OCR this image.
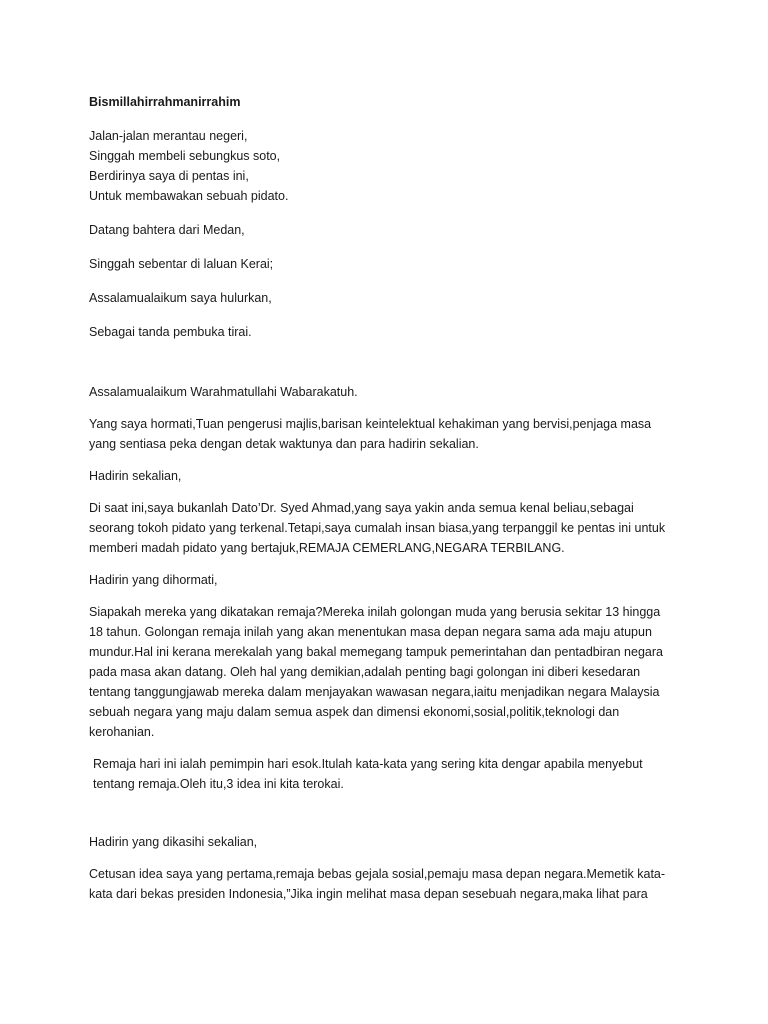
Bismillahirrahmanirrahim

Jalan-jalan merantau negeri,

Singgah membeli sebungkus soto,

Berdirinya saya di pentas ini,

Untuk membawakan sebuah pidato.

Datang bahtera dari Medan,

Singgah sebentar di laluan Kerai;

Assalamualaikum saya hulurkan,

Sebagai tanda pembuka tirai.

Assalamualaikum Warahmatullahi Wabarakatuh.

Yang saya hormati,Tuan pengerusi majlis,barisan keintelektual kehakiman yang bervisi,penjaga masa yang sentiasa peka dengan detak waktunya dan para hadirin sekalian.

Hadirin sekalian,

Di saat ini,saya bukanlah Dato’Dr. Syed Ahmad,yang saya yakin anda semua kenal beliau,sebagai seorang tokoh pidato yang terkenal.Tetapi,saya cumalah insan biasa,yang terpanggil ke pentas ini untuk memberi madah pidato yang bertajuk,REMAJA CEMERLANG,NEGARA TERBILANG.

Hadirin yang dihormati,

Siapakah mereka yang dikatakan remaja?Mereka inilah golongan muda yang berusia sekitar 13 hingga 18 tahun. Golongan remaja inilah yang akan menentukan masa depan negara sama ada maju atupun mundur.Hal ini kerana merekalah yang bakal memegang tampuk pemerintahan dan pentadbiran negara pada masa akan datang. Oleh hal yang demikian,adalah penting bagi golongan ini diberi kesedaran tentang tanggungjawab mereka dalam menjayakan wawasan negara,iaitu menjadikan negara Malaysia sebuah negara yang maju dalam semua aspek dan dimensi ekonomi,sosial,politik,teknologi dan kerohanian.

Remaja hari ini ialah pemimpin hari esok.Itulah kata-kata yang sering kita dengar apabila menyebut tentang remaja.Oleh itu,3 idea ini kita terokai.

Hadirin yang dikasihi sekalian,

Cetusan idea saya yang pertama,remaja bebas gejala sosial,pemaju masa depan negara.Memetik kata-kata dari bekas presiden Indonesia,”Jika ingin melihat masa depan sesebuah negara,maka lihat para
